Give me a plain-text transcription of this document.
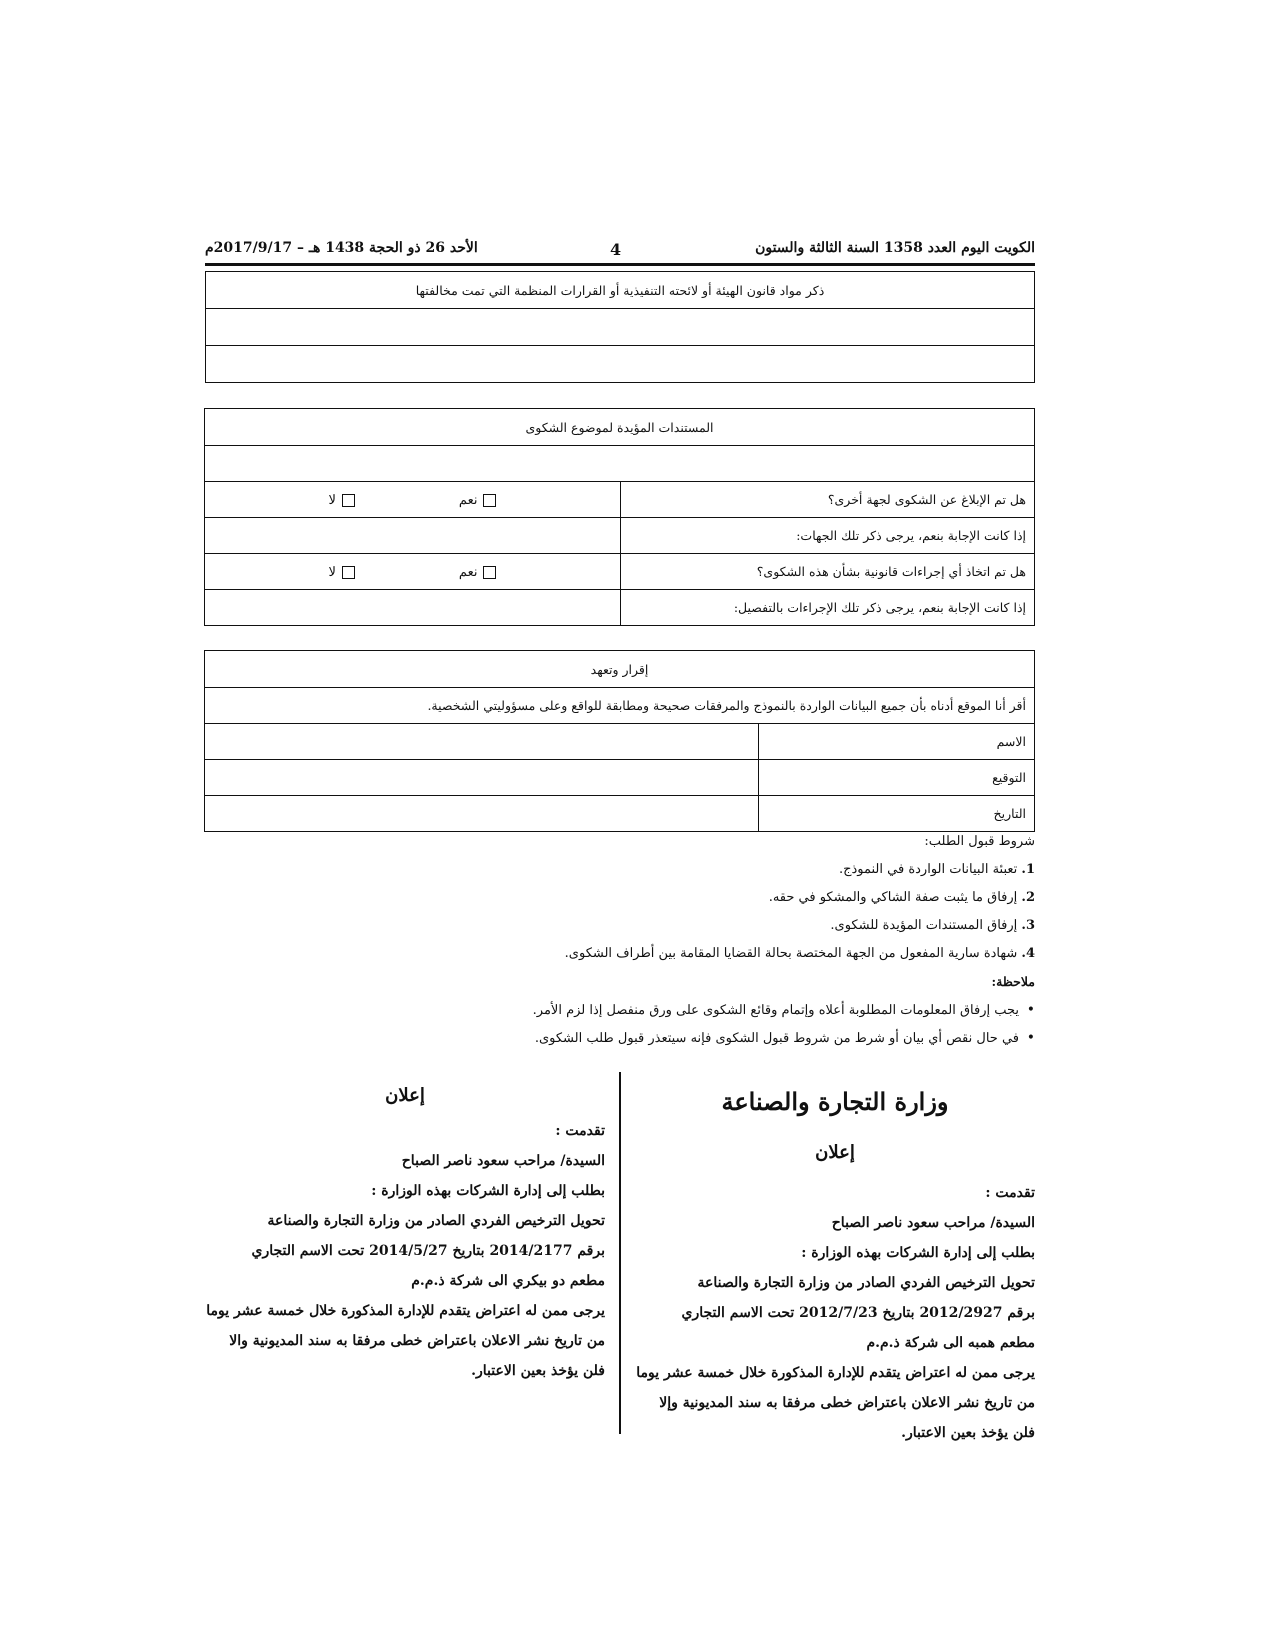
الكويت اليوم العدد 1358 السنة الثالثة والستون
4
الأحد 26 ذو الحجة 1438 هـ – 2017/9/17م
ذكر مواد قانون الهيئة أو لائحته التنفيذية أو القرارات المنظمة التي تمت مخالفتها

المستندات المؤيدة لموضوع الشكوى	

هل تم الإبلاغ عن الشكوى لجهة أخرى؟	نعم لا
إذا كانت الإجابة بنعم، يرجى ذكر تلك الجهات:	
هل تم اتخاذ أي إجراءات قانونية بشأن هذه الشكوى؟	نعم لا
إذا كانت الإجابة بنعم، يرجى ذكر تلك الإجراءات بالتفصيل:	
إقرار وتعهد	
أقر أنا الموقع أدناه بأن جميع البيانات الواردة بالنموذج والمرفقات صحيحة ومطابقة للواقع وعلى مسؤوليتي الشخصية.	
الاسم	
التوقيع	
التاريخ	
شروط قبول الطلب:
1. تعبئة البيانات الواردة في النموذج.
2. إرفاق ما يثبت صفة الشاكي والمشكو في حقه.
3. إرفاق المستندات المؤيدة للشكوى.
4. شهادة سارية المفعول من الجهة المختصة بحالة القضايا المقامة بين أطراف الشكوى.
ملاحظة:
• يجب إرفاق المعلومات المطلوبة أعلاه وإتمام وقائع الشكوى على ورق منفصل إذا لزم الأمر.
• في حال نقص أي بيان أو شرط من شروط قبول الشكوى فإنه سيتعذر قبول طلب الشكوى.
وزارة التجارة والصناعة
إعلان
تقدمت :
السيدة/ مراحب سعود ناصر الصباح
بطلب إلى إدارة الشركات بهذه الوزارة :
تحويل الترخيص الفردي الصادر من وزارة التجارة والصناعة
برقم 2012/2927 بتاريخ 2012/7/23 تحت الاسم التجاري
مطعم همبه الى شركة ذ.م.م
يرجى ممن له اعتراض يتقدم للإدارة المذكورة خلال خمسة عشر يوما
من تاريخ نشر الاعلان باعتراض خطى مرفقا به سند المديونية وإلا
فلن يؤخذ بعين الاعتبار.
إعلان
تقدمت :
السيدة/ مراحب سعود ناصر الصباح
بطلب إلى إدارة الشركات بهذه الوزارة :
تحويل الترخيص الفردي الصادر من وزارة التجارة والصناعة
برقم 2014/2177 بتاريخ 2014/5/27 تحت الاسم التجاري
مطعم دو بيكري الى شركة ذ.م.م
يرجى ممن له اعتراض يتقدم للإدارة المذكورة خلال خمسة عشر يوما
من تاريخ نشر الاعلان باعتراض خطى مرفقا به سند المديونية والا
فلن يؤخذ بعين الاعتبار.
